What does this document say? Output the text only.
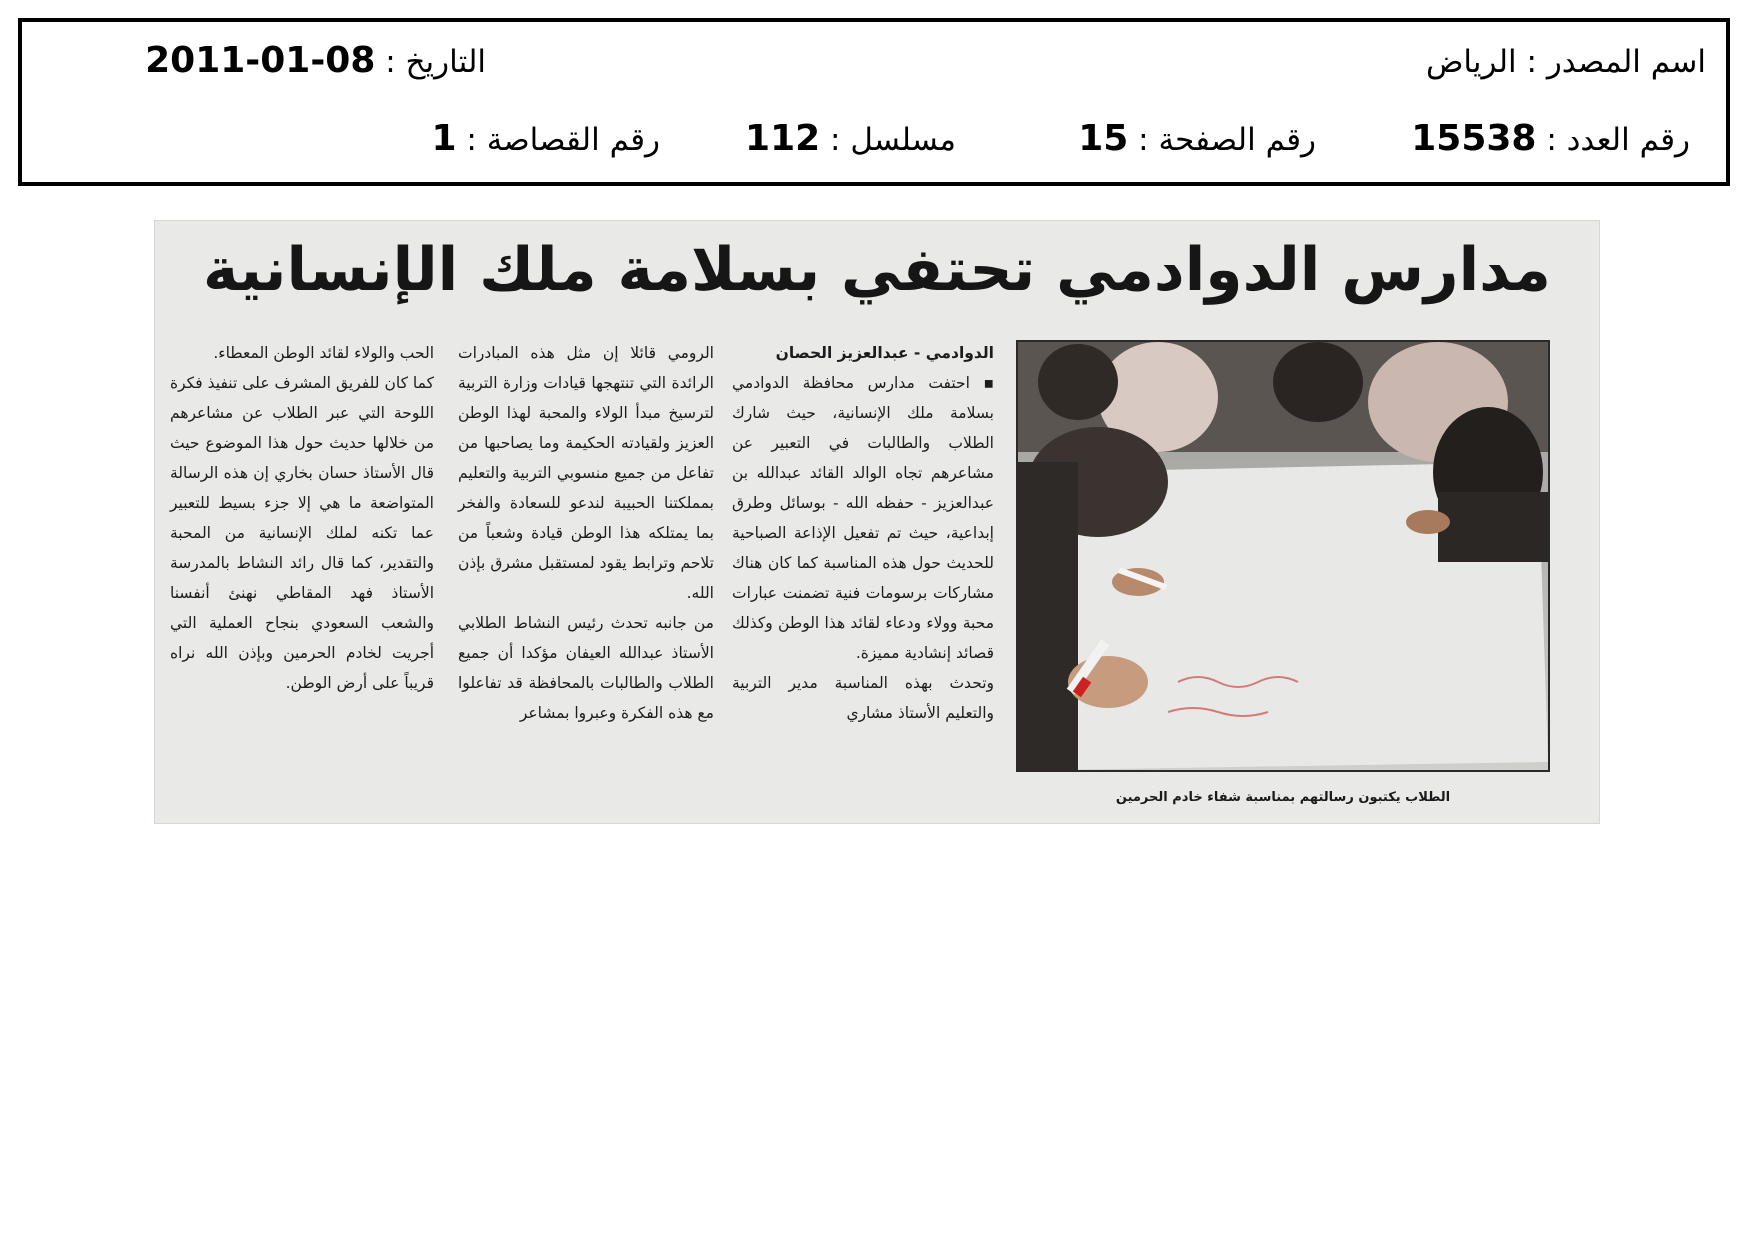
اسم المصدر : الرياض
التاريخ : 2011-01-08
رقم العدد : 15538
رقم الصفحة : 15
مسلسل : 112
رقم القصاصة : 1
مدارس الدوادمي تحتفي بسلامة ملك الإنسانية
الطلاب يكتبون رسالتهم بمناسبة شفاء خادم الحرمين

الدوادمي - عبدالعزيز الحصان

▪ احتفت مدارس محافظة الدوادمي بسلامة ملك الإنسانية، حيث شارك الطلاب والطالبات في التعبير عن مشاعرهم تجاه الوالد القائد عبدالله بن عبدالعزيز - حفظه الله - بوسائل وطرق إبداعية، حيث تم تفعيل الإذاعة الصباحية للحديث حول هذه المناسبة كما كان هناك مشاركات برسومات فنية تضمنت عبارات محبة وولاء ودعاء لقائد هذا الوطن وكذلك قصائد إنشادية مميزة.

وتحدث بهذه المناسبة مدير التربية والتعليم الأستاذ مشاري

الرومي قائلا إن مثل هذه المبادرات الرائدة التي تنتهجها قيادات وزارة التربية لترسيخ مبدأ الولاء والمحبة لهذا الوطن العزيز ولقيادته الحكيمة وما يصاحبها من تفاعل من جميع منسوبي التربية والتعليم بمملكتنا الحبيبة لندعو للسعادة والفخر بما يمتلكه هذا الوطن قيادة وشعباً من تلاحم وترابط يقود لمستقبل مشرق بإذن الله.

من جانبه تحدث رئيس النشاط الطلابي الأستاذ عبدالله العيفان مؤكدا أن جميع الطلاب والطالبات بالمحافظة قد تفاعلوا مع هذه الفكرة وعبروا بمشاعر

الحب والولاء لقائد الوطن المعطاء.

كما كان للفريق المشرف على تنفيذ فكرة اللوحة التي عبر الطلاب عن مشاعرهم من خلالها حديث حول هذا الموضوع حيث قال الأستاذ حسان بخاري إن هذه الرسالة المتواضعة ما هي إلا جزء بسيط للتعبير عما تكنه لملك الإنسانية من المحبة والتقدير، كما قال رائد النشاط بالمدرسة الأستاذ فهد المقاطي نهنئ أنفسنا والشعب السعودي بنجاح العملية التي أجريت لخادم الحرمين وبإذن الله نراه قريباً على أرض الوطن.
